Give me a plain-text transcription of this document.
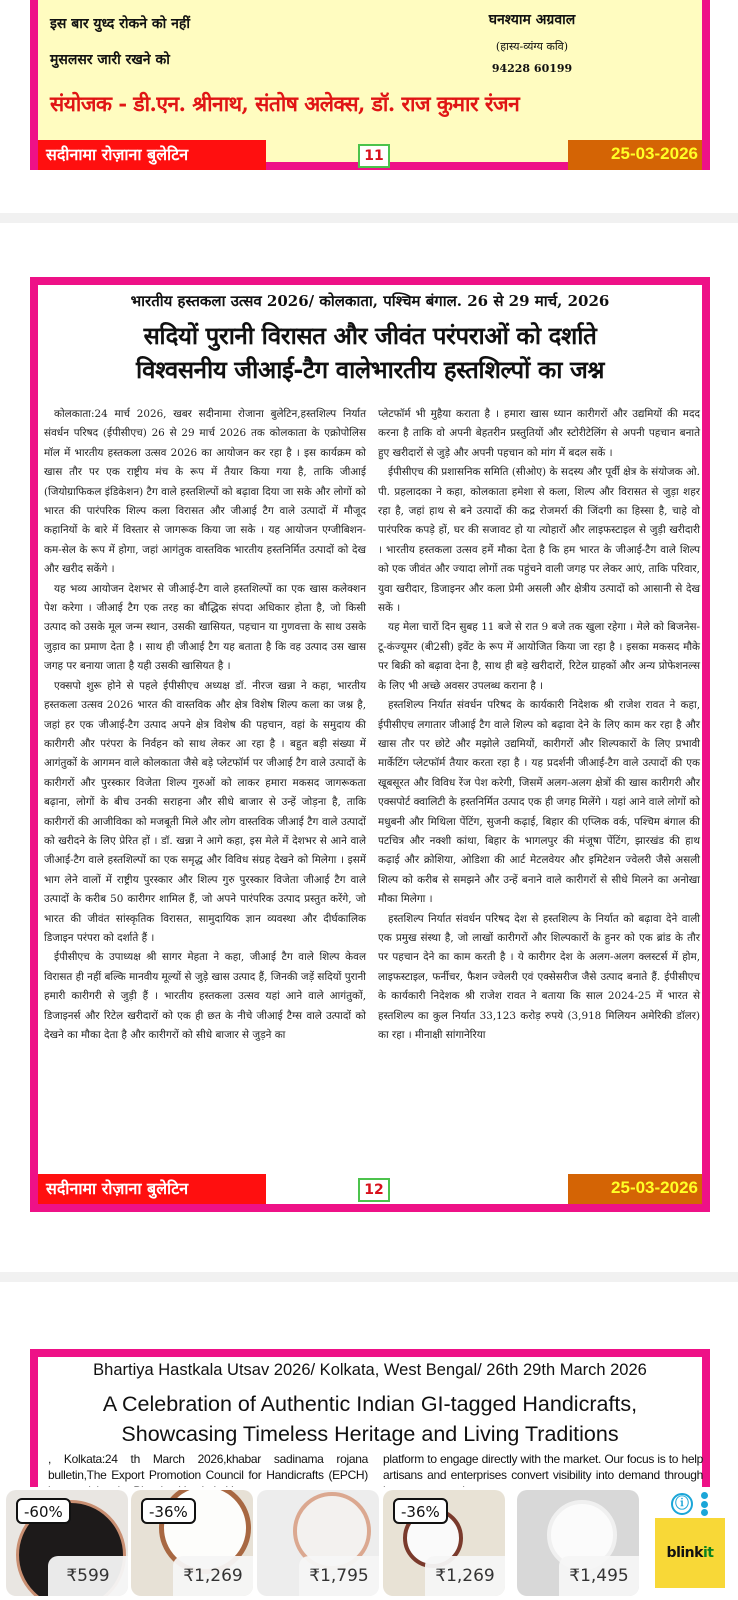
इस बार युध्द रोकने को नहीं
मुसलसर जारी रखने को
घनश्याम अग्रवाल
(हास्य-व्यंग्य कवि)
94228 60199
संयोजक - डी.एन. श्रीनाथ, संतोष अलेक्स, डॉ. राज कुमार रंजन
सदीनामा रोज़ाना बुलेटिन	11	25-03-2026
भारतीय हस्तकला उत्सव 2026/ कोलकाता, पश्चिम बंगाल. 26 से 29 मार्च, 2026
सदियों पुरानी विरासत और जीवंत परंपराओं को दर्शाते
विश्वसनीय जीआई-टैग वालेभारतीय हस्तशिल्पों का जश्न

कोलकाता:24 मार्च 2026, खबर सदीनामा रोजाना बुलेटिन,हस्तशिल्प निर्यात संवर्धन परिषद (ईपीसीएच) 26 से 29 मार्च 2026 तक कोलकाता के एक्रोपोलिस मॉल में भारतीय हस्तकला उत्सव 2026 का आयोजन कर रहा है । इस कार्यक्रम को खास तौर पर एक राष्ट्रीय मंच के रूप में तैयार किया गया है, ताकि जीआई (जियोग्राफिकल इंडिकेशन) टैग वाले हस्तशिल्पों को बढ़ावा दिया जा सके और लोगों को भारत की पारंपरिक शिल्प कला विरासत और जीआई टैग वाले उत्पादों में मौजूद कहानियों के बारे में विस्तार से जागरूक किया जा सके । यह आयोजन एग्जीबिशन-कम-सेल के रूप में होगा, जहां आगंतुक वास्तविक भारतीय हस्तनिर्मित उत्पादों को देख और खरीद सकेंगे ।

यह भव्य आयोजन देशभर से जीआई-टैग वाले हस्तशिल्पों का एक खास कलेक्शन पेश करेगा । जीआई टैग एक तरह का बौद्धिक संपदा अधिकार होता है, जो किसी उत्पाद को उसके मूल जन्म स्थान, उसकी खासियत, पहचान या गुणवत्ता के साथ उसके जुड़ाव का प्रमाण देता है । साथ ही जीआई टैग यह बताता है कि वह उत्पाद उस खास जगह पर बनाया जाता है यही उसकी खासियत है ।

एक्सपो शुरू होने से पहले ईपीसीएच अध्यक्ष डॉ. नीरज खन्ना ने कहा, भारतीय हस्तकला उत्सव 2026 भारत की वास्तविक और क्षेत्र विशेष शिल्प कला का जश्न है, जहां हर एक जीआई-टैग उत्पाद अपने क्षेत्र विशेष की पहचान, वहां के समुदाय की कारीगरी और परंपरा के निर्वहन को साथ लेकर आ रहा है । बहुत बड़ी संख्या में आगंतुकों के आगमन वाले कोलकाता जैसे बड़े प्लेटफॉर्म पर जीआई टैग वाले उत्पादों के कारीगरों और पुरस्कार विजेता शिल्प गुरुओं को लाकर हमारा मकसद जागरूकता बढ़ाना, लोगों के बीच उनकी सराहना और सीधे बाजार से उन्हें जोड़ना है, ताकि कारीगरों की आजीविका को मजबूती मिले और लोग वास्तविक जीआई टैग वाले उत्पादों को खरीदने के लिए प्रेरित हों । डॉ. खन्ना ने आगे कहा, इस मेले में देशभर से आने वाले जीआई-टैग वाले हस्तशिल्पों का एक समृद्ध और विविध संग्रह देखने को मिलेगा । इसमें भाग लेने वालों में राष्ट्रीय पुरस्कार और शिल्प गुरु पुरस्कार विजेता जीआई टैग वाले उत्पादों के करीब 50 कारीगर शामिल हैं, जो अपने पारंपरिक उत्पाद प्रस्तुत करेंगे, जो भारत की जीवंत सांस्कृतिक विरासत, सामुदायिक ज्ञान व्यवस्था और दीर्घकालिक डिजाइन परंपरा को दर्शाते हैं ।

ईपीसीएच के उपाध्यक्ष श्री सागर मेहता ने कहा, जीआई टैग वाले शिल्प केवल विरासत ही नहीं बल्कि मानवीय मूल्यों से जुड़े खास उत्पाद हैं, जिनकी जड़ें सदियों पुरानी हमारी कारीगरी से जुड़ी हैं । भारतीय हस्तकला उत्सव यहां आने वाले आगंतुकों, डिजाइनर्स और रिटेल खरीदारों को एक ही छत के नीचे जीआई टैग्स वाले उत्पादों को देखने का मौका देता है और कारीगरों को सीधे बाजार से जुड़ने का

प्लेटफॉर्म भी मुहैया कराता है । हमारा खास ध्यान कारीगरों और उद्यमियों की मदद करना है ताकि वो अपनी बेहतरीन प्रस्तुतियों और स्टोरीटेलिंग से अपनी पहचान बनाते हुए खरीदारों से जुड़े और अपनी पहचान को मांग में बदल सकें ।

ईपीसीएच की प्रशासनिक समिति (सीओए) के सदस्य और पूर्वी क्षेत्र के संयोजक ओ. पी. प्रहलादका ने कहा, कोलकाता हमेशा से कला, शिल्प और विरासत से जुड़ा शहर रहा है, जहां हाथ से बने उत्पादों की कद्र रोजमर्रा की जिंदगी का हिस्सा है, चाहे वो पारंपरिक कपड़े हों, घर की सजावट हो या त्योहारों और लाइफस्टाइल से जुड़ी खरीदारी । भारतीय हस्तकला उत्सव हमें मौका देता है कि हम भारत के जीआई-टैग वाले शिल्प को एक जीवंत और ज्यादा लोगों तक पहुंचने वाली जगह पर लेकर आएं, ताकि परिवार, युवा खरीदार, डिजाइनर और कला प्रेमी असली और क्षेत्रीय उत्पादों को आसानी से देख सकें ।

यह मेला चारों दिन सुबह 11 बजे से रात 9 बजे तक खुला रहेगा । मेले को बिजनेस-टू-कंज्यूमर (बी2सी) इवेंट के रूप में आयोजित किया जा रहा है । इसका मकसद मौके पर बिक्री को बढ़ावा देना है, साथ ही बड़े खरीदारों, रिटेल ग्राहकों और अन्य प्रोफेशनल्स के लिए भी अच्छे अवसर उपलब्ध कराना है ।

हस्तशिल्प निर्यात संवर्धन परिषद के कार्यकारी निदेशक श्री राजेश रावत ने कहा, ईपीसीएच लगातार जीआई टैग वाले शिल्प को बढ़ावा देने के लिए काम कर रहा है और खास तौर पर छोटे और मझोले उद्यमियों, कारीगरों और शिल्पकारों के लिए प्रभावी मार्केटिंग प्लेटफॉर्म तैयार करता रहा है । यह प्रदर्शनी जीआई-टैग वाले उत्पादों की एक खूबसूरत और विविध रेंज पेश करेगी, जिसमें अलग-अलग क्षेत्रों की खास कारीगरी और एक्सपोर्ट क्वालिटी के हस्तनिर्मित उत्पाद एक ही जगह मिलेंगे । यहां आने वाले लोगों को मधुबनी और मिथिला पेंटिंग, सुजनी कढ़ाई, बिहार की एप्लिक वर्क, पश्चिम बंगाल की पटचित्र और नक्शी कांथा, बिहार के भागलपुर की मंजूषा पेंटिंग, झारखंड की हाथ कढ़ाई और क्रोशिया, ओडिशा की आर्ट मेटलवेयर और इमिटेशन ज्वेलरी जैसे असली शिल्प को करीब से समझने और उन्हें बनाने वाले कारीगरों से सीधे मिलने का अनोखा मौका मिलेगा ।

हस्तशिल्प निर्यात संवर्धन परिषद देश से हस्तशिल्प के निर्यात को बढ़ावा देने वाली एक प्रमुख संस्था है, जो लाखों कारीगरों और शिल्पकारों के हुनर को एक ब्रांड के तौर पर पहचान देने का काम करती है । ये कारीगर देश के अलग-अलग क्लस्टर्स में होम, लाइफस्टाइल, फर्नीचर, फैशन ज्वेलरी एवं एक्सेसरीज जैसे उत्पाद बनाते हैं. ईपीसीएच के कार्यकारी निदेशक श्री राजेश रावत ने बताया कि साल 2024-25 में भारत से हस्तशिल्प का कुल निर्यात 33,123 करोड़ रुपये (3,918 मिलियन अमेरिकी डॉलर) का रहा । मीनाक्षी सांगानेरिया

सदीनामा रोज़ाना बुलेटिन	12	25-03-2026
Bhartiya Hastkala Utsav 2026/ Kolkata, West Bengal/ 26th 29th March 2026
A Celebration of Authentic Indian GI-tagged Handicrafts,
Showcasing Timeless Heritage and Living Traditions
, Kolkata:24 th March 2026,khabar sadinama rojana bulletin,The Export Promotion Council for Handicrafts (EPCH)
platform to engage directly with the market. Our focus is to help artisans and enterprises convert visibility into demand through
-60%
₹599
-36%
₹1,269	₹1,795
-36%
₹1,269	₹1,495
ⓘ
blinkit
